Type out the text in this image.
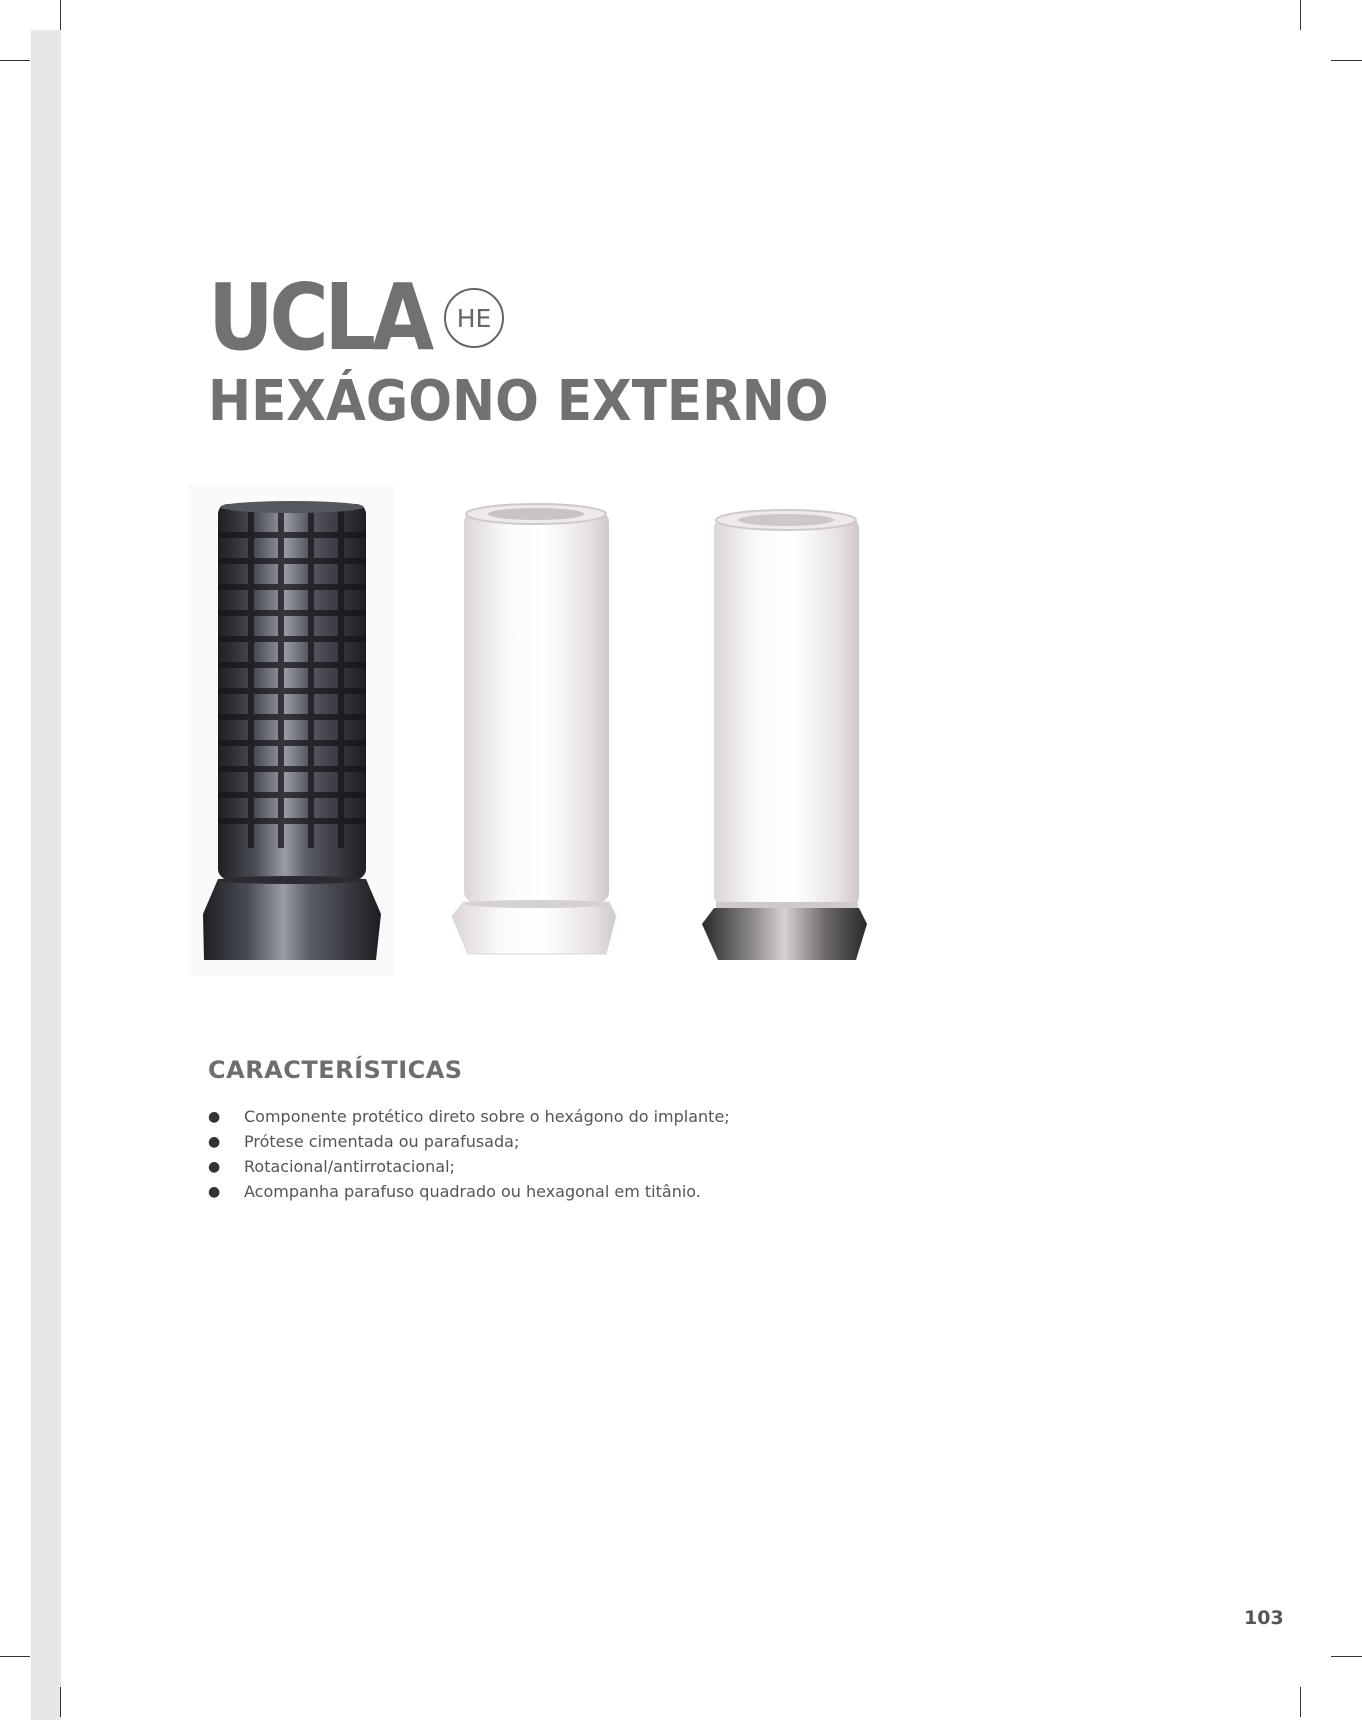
UCLA	HE
HEXÁGONO EXTERNO
CARACTERÍSTICAS
●	Componente protético direto sobre o hexágono do implante;
●	Prótese cimentada ou parafusada;
●	Rotacional/antirrotacional;
●	Acompanha parafuso quadrado ou hexagonal em titânio.
103
